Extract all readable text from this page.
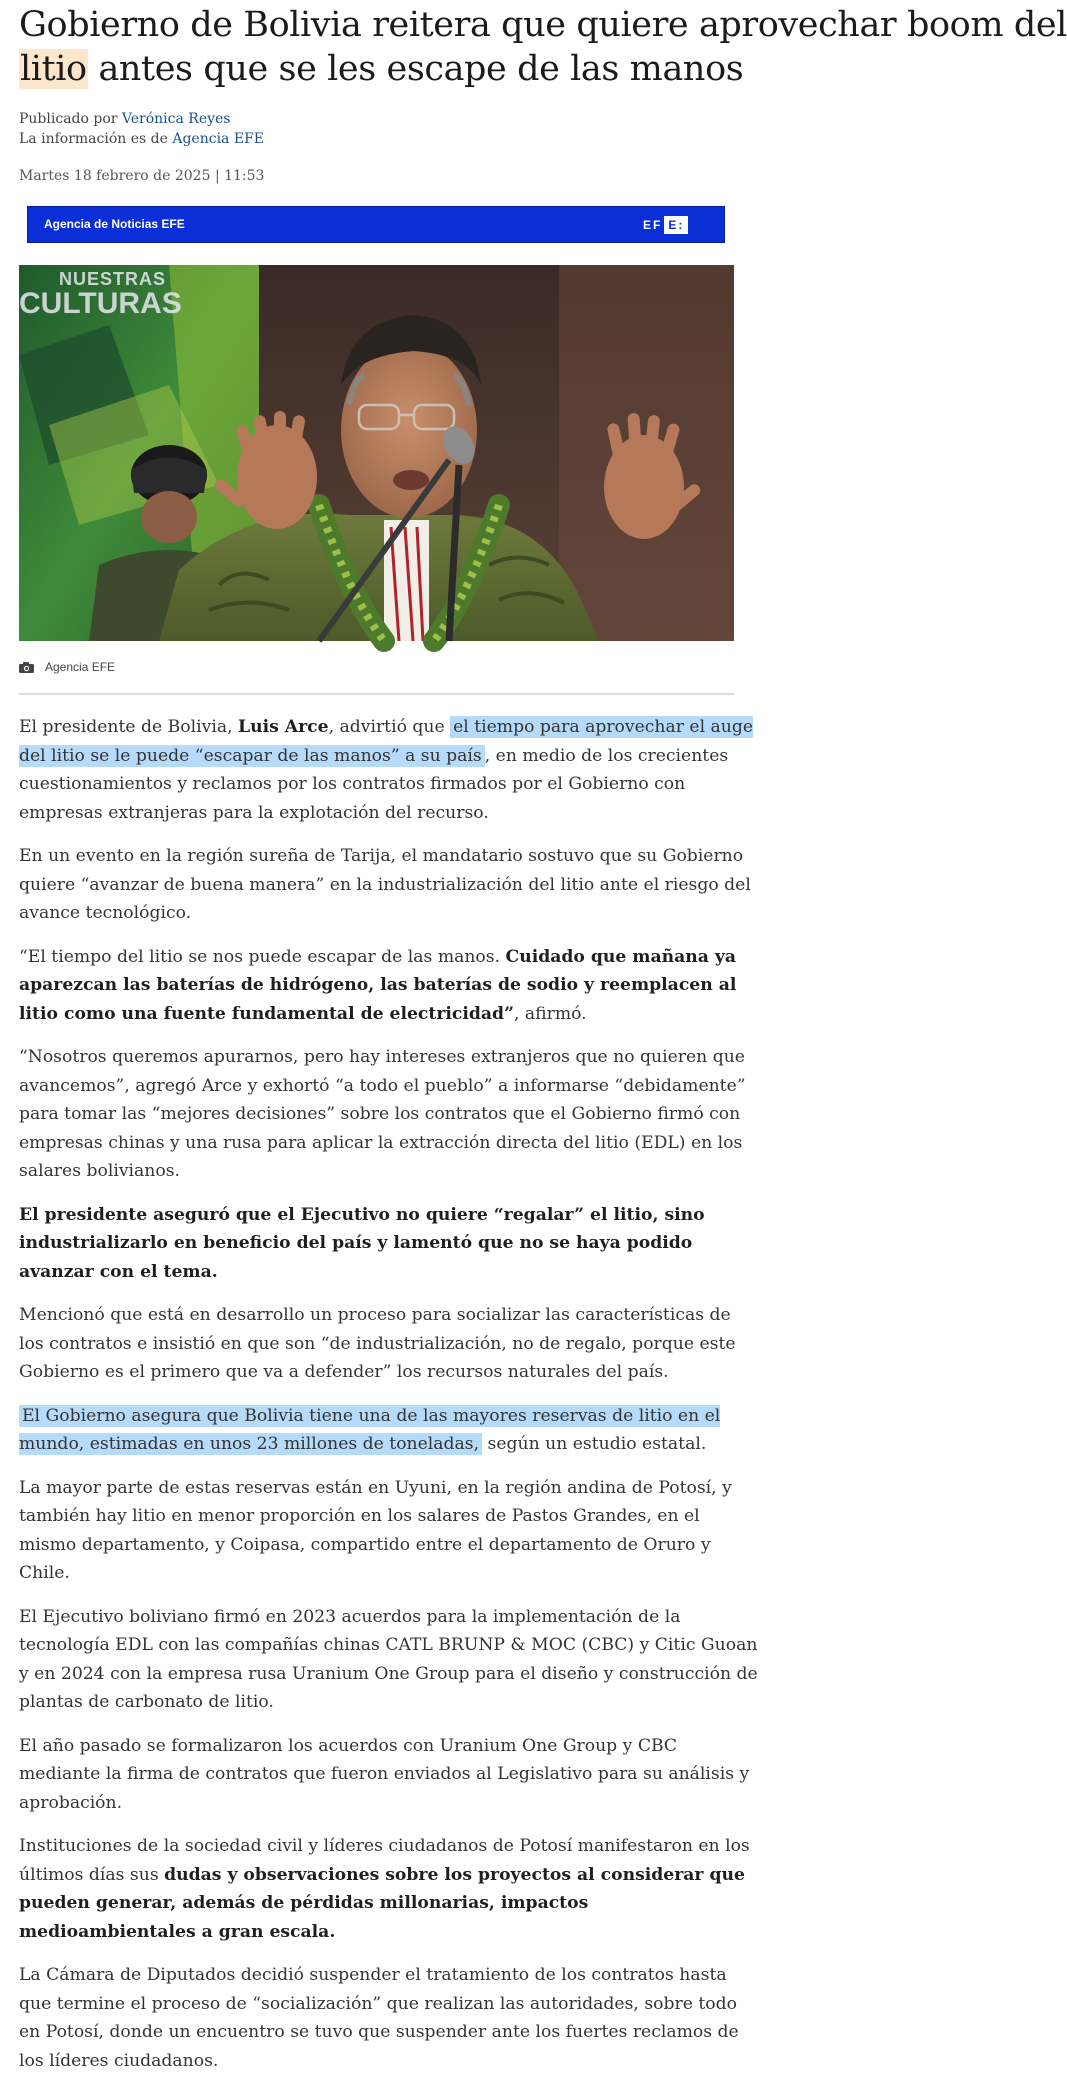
Gobierno de Bolivia reitera que quiere aprovechar boom del
litio antes que se les escape de las manos
Publicado por Verónica Reyes
La información es de Agencia EFE
Martes 18 febrero de 2025 | 11:53
Agencia de Noticias EFE	EF E:
NUESTRAS
CULTURAS
Agencia EFE

El presidente de Bolivia, Luis Arce, advirtió que el tiempo para aprovechar el auge del litio se le puede “escapar de las manos” a su país , en medio de los crecientes cuestionamientos y reclamos por los contratos firmados por el Gobierno con empresas extranjeras para la explotación del recurso.

En un evento en la región sureña de Tarija, el mandatario sostuvo que su Gobierno quiere “avanzar de buena manera” en la industrialización del litio ante el riesgo del avance tecnológico.

“El tiempo del litio se nos puede escapar de las manos. Cuidado que mañana ya aparezcan las baterías de hidrógeno, las baterías de sodio y reemplacen al litio como una fuente fundamental de electricidad”, afirmó.

“Nosotros queremos apurarnos, pero hay intereses extranjeros que no quieren que avancemos”, agregó Arce y exhortó “a todo el pueblo” a informarse “debidamente” para tomar las “mejores decisiones” sobre los contratos que el Gobierno firmó con empresas chinas y una rusa para aplicar la extracción directa del litio (EDL) en los salares bolivianos.

El presidente aseguró que el Ejecutivo no quiere “regalar” el litio, sino industrializarlo en beneficio del país y lamentó que no se haya podido avanzar con el tema.

Mencionó que está en desarrollo un proceso para socializar las características de los contratos e insistió en que son “de industrialización, no de regalo, porque este Gobierno es el primero que va a defender” los recursos naturales del país.

El Gobierno asegura que Bolivia tiene una de las mayores reservas de litio en el mundo, estimadas en unos 23 millones de toneladas, según un estudio estatal.

La mayor parte de estas reservas están en Uyuni, en la región andina de Potosí, y también hay litio en menor proporción en los salares de Pastos Grandes, en el mismo departamento, y Coipasa, compartido entre el departamento de Oruro y Chile.

El Ejecutivo boliviano firmó en 2023 acuerdos para la implementación de la tecnología EDL con las compañías chinas CATL BRUNP & MOC (CBC) y Citic Guoan y en 2024 con la empresa rusa Uranium One Group para el diseño y construcción de plantas de carbonato de litio.

El año pasado se formalizaron los acuerdos con Uranium One Group y CBC mediante la firma de contratos que fueron enviados al Legislativo para su análisis y aprobación.

Instituciones de la sociedad civil y líderes ciudadanos de Potosí manifestaron en los últimos días sus dudas y observaciones sobre los proyectos al considerar que pueden generar, además de pérdidas millonarias, impactos medioambientales a gran escala.

La Cámara de Diputados decidió suspender el tratamiento de los contratos hasta que termine el proceso de “socialización” que realizan las autoridades, sobre todo en Potosí, donde un encuentro se tuvo que suspender ante los fuertes reclamos de los líderes ciudadanos.
